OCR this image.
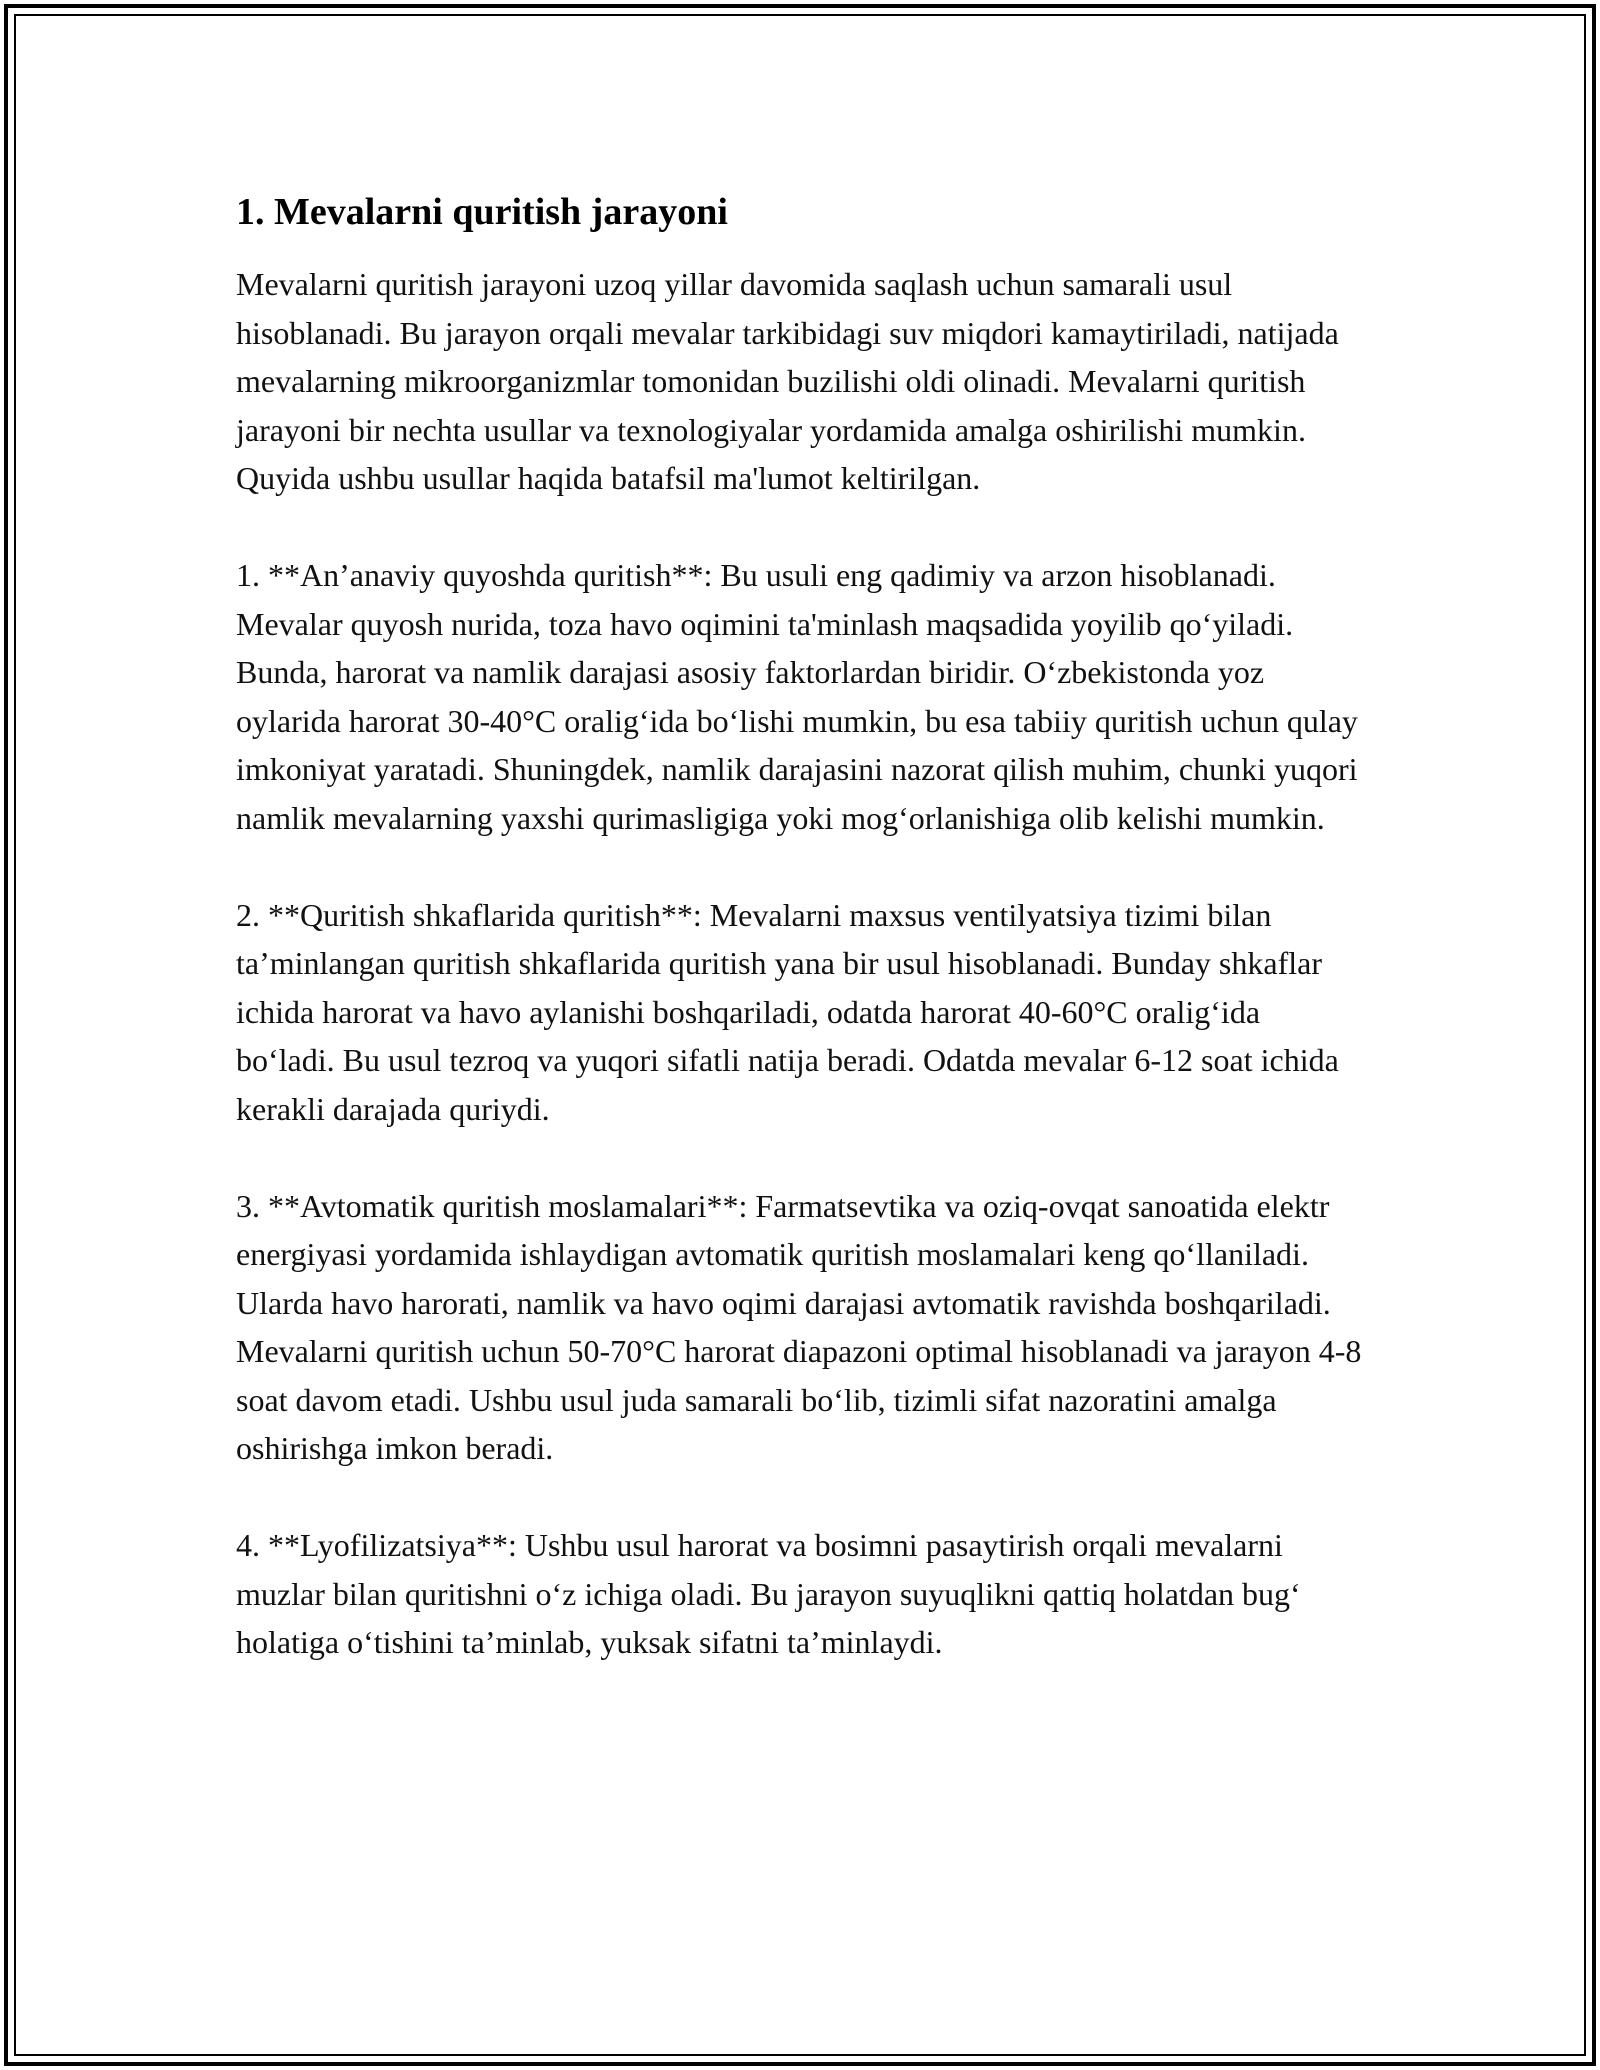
1. Mevalarni quritish jarayoni

Mevalarni quritish jarayoni uzoq yillar davomida saqlash uchun samarali usul hisoblanadi. Bu jarayon orqali mevalar tarkibidagi suv miqdori kamaytiriladi, natijada mevalarning mikroorganizmlar tomonidan buzilishi oldi olinadi. Mevalarni quritish jarayoni bir nechta usullar va texnologiyalar yordamida amalga oshirilishi mumkin. Quyida ushbu usullar haqida batafsil ma'lumot keltirilgan.

1. **An’anaviy quyoshda quritish**: Bu usuli eng qadimiy va arzon hisoblanadi. Mevalar quyosh nurida, toza havo oqimini ta'minlash maqsadida yoyilib qo‘yiladi. Bunda, harorat va namlik darajasi asosiy faktorlardan biridir. O‘zbekistonda yoz oylarida harorat 30-40°C oralig‘ida bo‘lishi mumkin, bu esa tabiiy quritish uchun qulay imkoniyat yaratadi. Shuningdek, namlik darajasini nazorat qilish muhim, chunki yuqori namlik mevalarning yaxshi qurimasligiga yoki mog‘orlanishiga olib kelishi mumkin.

2. **Quritish shkaflarida quritish**: Mevalarni maxsus ventilyatsiya tizimi bilan ta’minlangan quritish shkaflarida quritish yana bir usul hisoblanadi. Bunday shkaflar ichida harorat va havo aylanishi boshqariladi, odatda harorat 40-60°C oralig‘ida bo‘ladi. Bu usul tezroq va yuqori sifatli natija beradi. Odatda mevalar 6-12 soat ichida kerakli darajada quriydi.

3. **Avtomatik quritish moslamalari**: Farmatsevtika va oziq-ovqat sanoatida elektr energiyasi yordamida ishlaydigan avtomatik quritish moslamalari keng qo‘llaniladi. Ularda havo harorati, namlik va havo oqimi darajasi avtomatik ravishda boshqariladi. Mevalarni quritish uchun 50-70°C harorat diapazoni optimal hisoblanadi va jarayon 4-8 soat davom etadi. Ushbu usul juda samarali bo‘lib, tizimli sifat nazoratini amalga oshirishga imkon beradi.

4. **Lyofilizatsiya**: Ushbu usul harorat va bosimni pasaytirish orqali mevalarni muzlar bilan quritishni o‘z ichiga oladi. Bu jarayon suyuqlikni qattiq holatdan bug‘ holatiga o‘tishini ta’minlab, yuksak sifatni ta’minlaydi.
